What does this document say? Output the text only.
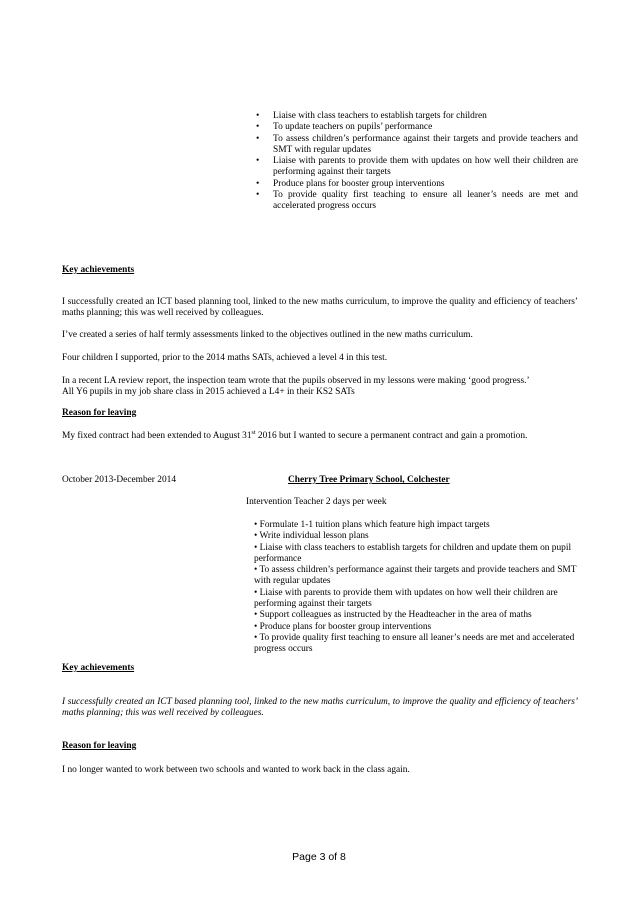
• Liaise with class teachers to establish targets for children
• To update teachers on pupils’ performance
• To assess children’s performance against their targets and provide teachers and SMT with regular updates
• Liaise with parents to provide them with updates on how well their children are performing against their targets
• Produce plans for booster group interventions
• To provide quality first teaching to ensure all leaner’s needs are met and accelerated progress occurs
Key achievements

I successfully created an ICT based planning tool, linked to the new maths curriculum, to improve the quality and efficiency of teachers’ maths planning; this was well received by colleagues.

I’ve created a series of half termly assessments linked to the objectives outlined in the new maths curriculum.

Four children I supported, prior to the 2014 maths SATs, achieved a level 4 in this test.

In a recent LA review report, the inspection team wrote that the pupils observed in my lessons were making ‘good progress.’
All Y6 pupils in my job share class in 2015 achieved a L4+ in their KS2 SATs

Reason for leaving

My fixed contract had been extended to August 31st 2016 but I wanted to secure a permanent contract and gain a promotion.

October 2013-December 2014	Cherry Tree Primary School, Colchester
Intervention Teacher 2 days per week
• Formulate 1-1 tuition plans which feature high impact targets
• Write individual lesson plans
• Liaise with class teachers to establish targets for children and update them on pupil performance
• To assess children’s performance against their targets and provide teachers and SMT with regular updates
• Liaise with parents to provide them with updates on how well their children are performing against their targets
• Support colleagues as instructed by the Headteacher in the area of maths
• Produce plans for booster group interventions
• To provide quality first teaching to ensure all leaner’s needs are met and accelerated progress occurs
Key achievements

I successfully created an ICT based planning tool, linked to the new maths curriculum, to improve the quality and efficiency of teachers’ maths planning; this was well received by colleagues.

Reason for leaving

I no longer wanted to work between two schools and wanted to work back in the class again.

Page 3 of 8
